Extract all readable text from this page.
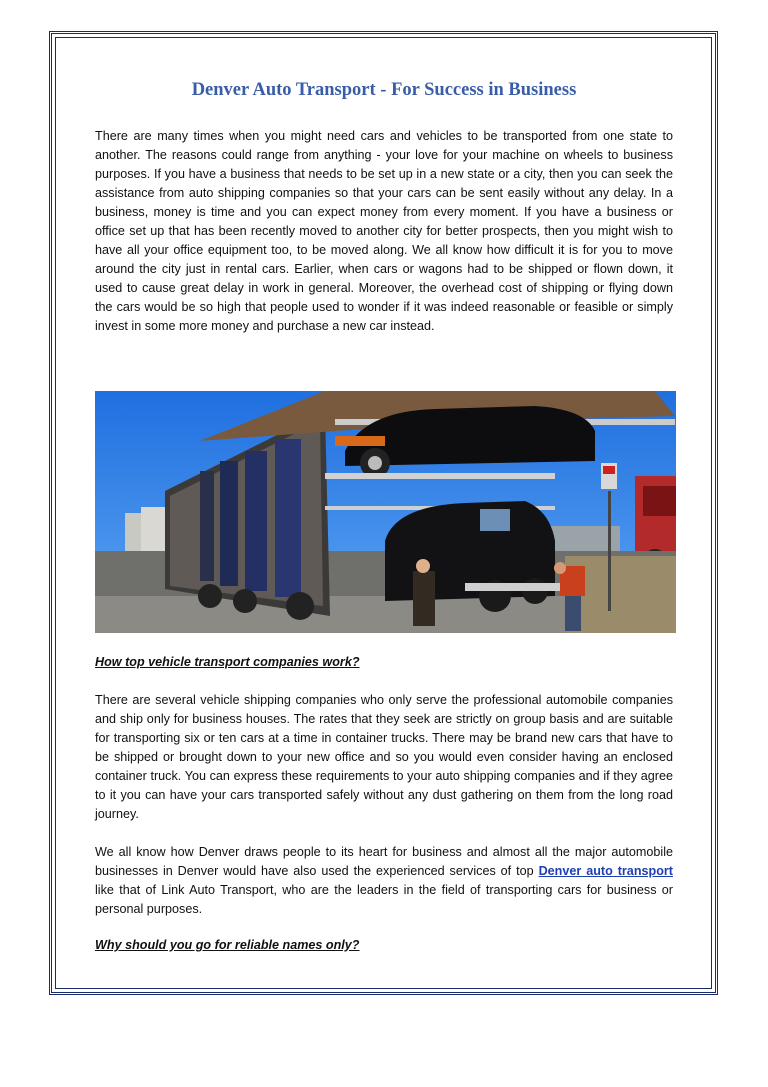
Denver Auto Transport - For Success in Business

There are many times when you might need cars and vehicles to be transported from one state to another. The reasons could range from anything - your love for your machine on wheels to business purposes. If you have a business that needs to be set up in a new state or a city, then you can seek the assistance from auto shipping companies so that your cars can be sent easily without any delay. In a business, money is time and you can expect money from every moment. If you have a business or office set up that has been recently moved to another city for better prospects, then you might wish to have all your office equipment too, to be moved along. We all know how difficult it is for you to move around the city just in rental cars. Earlier, when cars or wagons had to be shipped or flown down, it used to cause great delay in work in general. Moreover, the overhead cost of shipping or flying down the cars would be so high that people used to wonder if it was indeed reasonable or feasible or simply invest in some more money and purchase a new car instead.

How top vehicle transport companies work?

There are several vehicle shipping companies who only serve the professional automobile companies and ship only for business houses. The rates that they seek are strictly on group basis and are suitable for transporting six or ten cars at a time in container trucks. There may be brand new cars that have to be shipped or brought down to your new office and so you would even consider having an enclosed container truck. You can express these requirements to your auto shipping companies and if they agree to it you can have your cars transported safely without any dust gathering on them from the long road journey.

We all know how Denver draws people to its heart for business and almost all the major automobile businesses in Denver would have also used the experienced services of top Denver auto transport like that of Link Auto Transport, who are the leaders in the field of transporting cars for business or personal purposes.

Why should you go for reliable names only?
